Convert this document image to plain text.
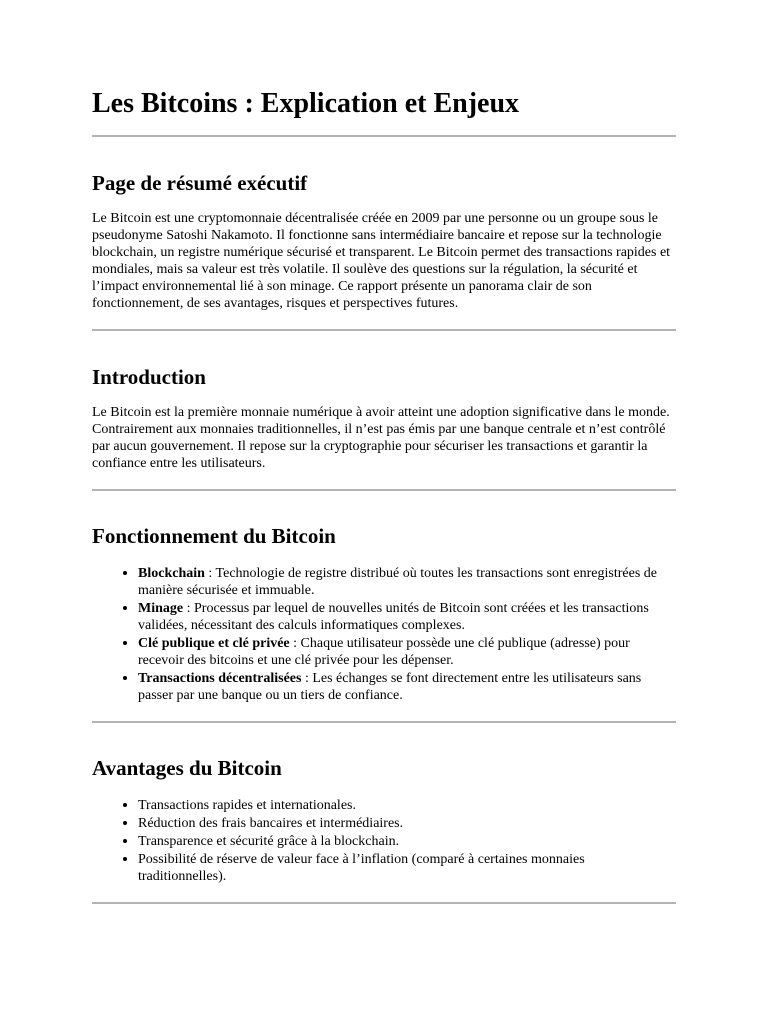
Les Bitcoins : Explication et Enjeux
Page de résumé exécutif

Le Bitcoin est une cryptomonnaie décentralisée créée en 2009 par une personne ou un groupe sous le pseudonyme Satoshi Nakamoto. Il fonctionne sans intermédiaire bancaire et repose sur la technologie blockchain, un registre numérique sécurisé et transparent. Le Bitcoin permet des transactions rapides et mondiales, mais sa valeur est très volatile. Il soulève des questions sur la régulation, la sécurité et l’impact environnemental lié à son minage. Ce rapport présente un panorama clair de son fonctionnement, de ses avantages, risques et perspectives futures.

Introduction

Le Bitcoin est la première monnaie numérique à avoir atteint une adoption significative dans le monde. Contrairement aux monnaies traditionnelles, il n’est pas émis par une banque centrale et n’est contrôlé par aucun gouvernement. Il repose sur la cryptographie pour sécuriser les transactions et garantir la confiance entre les utilisateurs.

Fonctionnement du Bitcoin
• Blockchain : Technologie de registre distribué où toutes les transactions sont enregistrées de manière sécurisée et immuable.
• Minage : Processus par lequel de nouvelles unités de Bitcoin sont créées et les transactions validées, nécessitant des calculs informatiques complexes.
• Clé publique et clé privée : Chaque utilisateur possède une clé publique (adresse) pour recevoir des bitcoins et une clé privée pour les dépenser.
• Transactions décentralisées : Les échanges se font directement entre les utilisateurs sans passer par une banque ou un tiers de confiance.
Avantages du Bitcoin
• Transactions rapides et internationales.
• Réduction des frais bancaires et intermédiaires.
• Transparence et sécurité grâce à la blockchain.
• Possibilité de réserve de valeur face à l’inflation (comparé à certaines monnaies traditionnelles).
